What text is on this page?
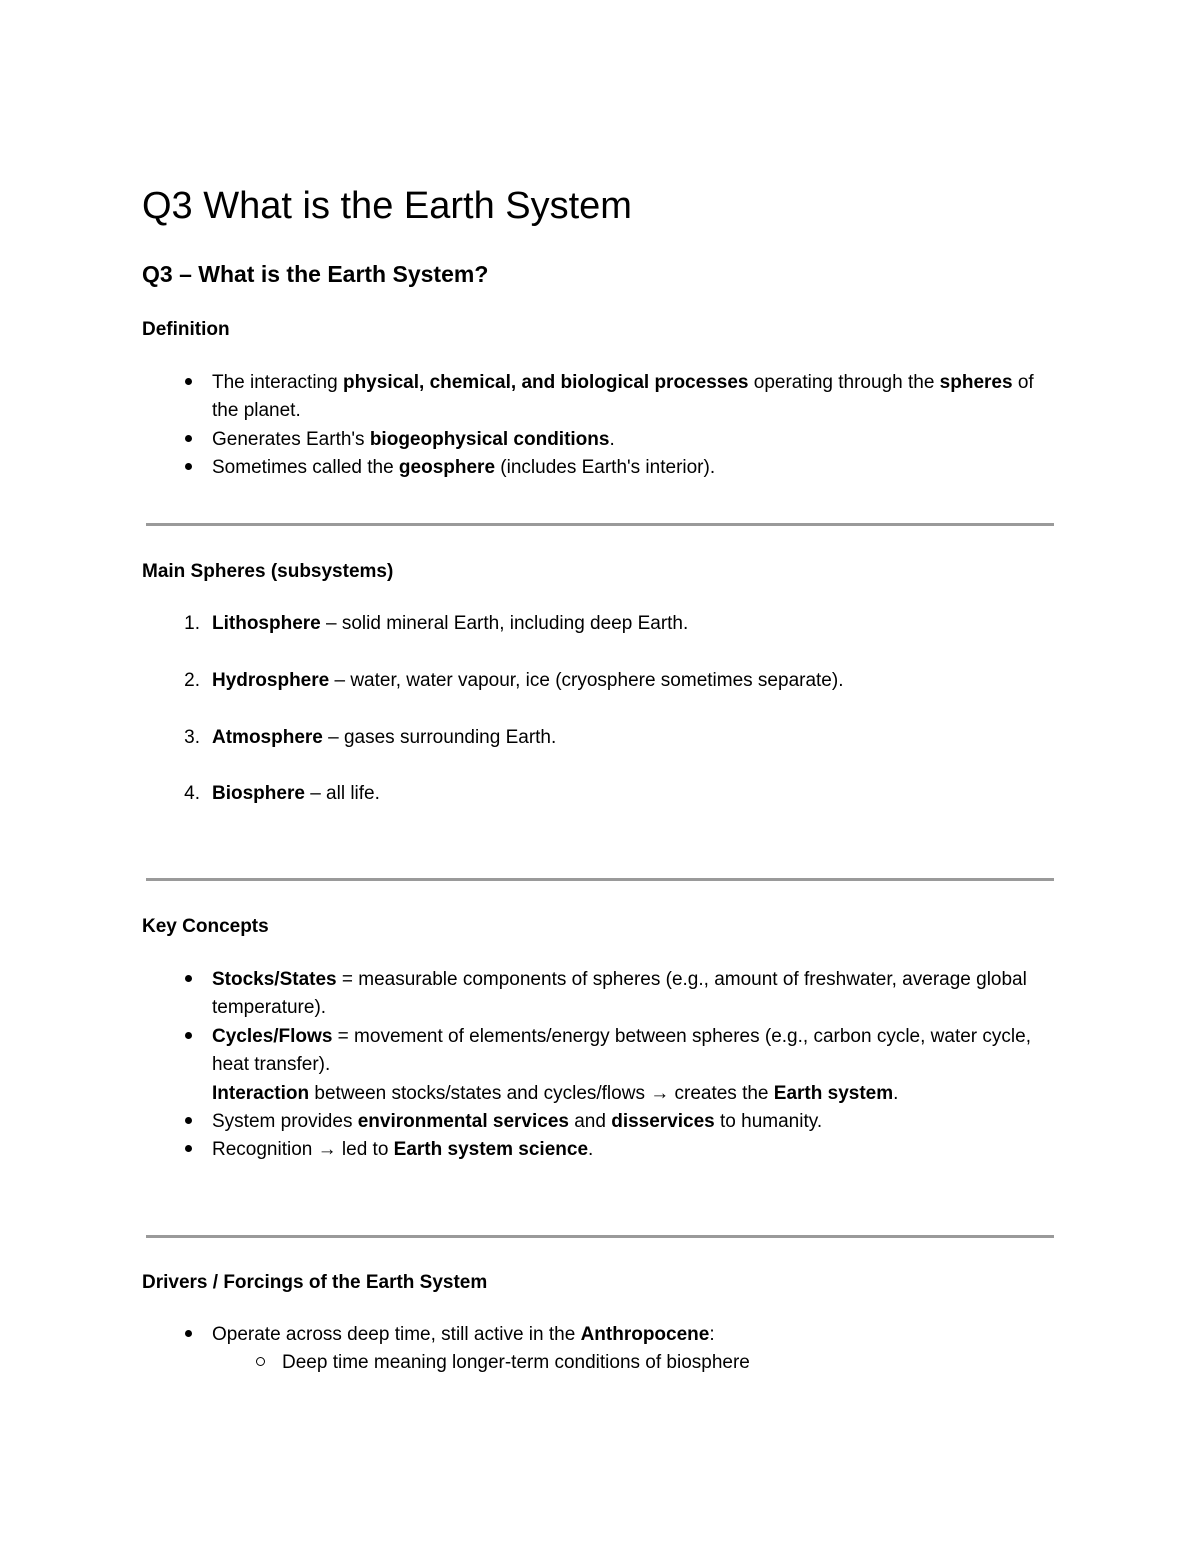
Q3 What is the Earth System
Q3 – What is the Earth System?
Definition
The interacting physical, chemical, and biological processes operating through the spheres of the planet.
Generates Earth's biogeophysical conditions.
Sometimes called the geosphere (includes Earth's interior).
Main Spheres (subsystems)
1. Lithosphere – solid mineral Earth, including deep Earth.
2. Hydrosphere – water, water vapour, ice (cryosphere sometimes separate).
3. Atmosphere – gases surrounding Earth.
4. Biosphere – all life.
Key Concepts
Stocks/States = measurable components of spheres (e.g., amount of freshwater, average global temperature).
Cycles/Flows = movement of elements/energy between spheres (e.g., carbon cycle, water cycle, heat transfer).
Interaction between stocks/states and cycles/flows → creates the Earth system.
System provides environmental services and disservices to humanity.
Recognition → led to Earth system science.
Drivers / Forcings of the Earth System
Operate across deep time, still active in the Anthropocene:
Deep time meaning longer-term conditions of biosphere
